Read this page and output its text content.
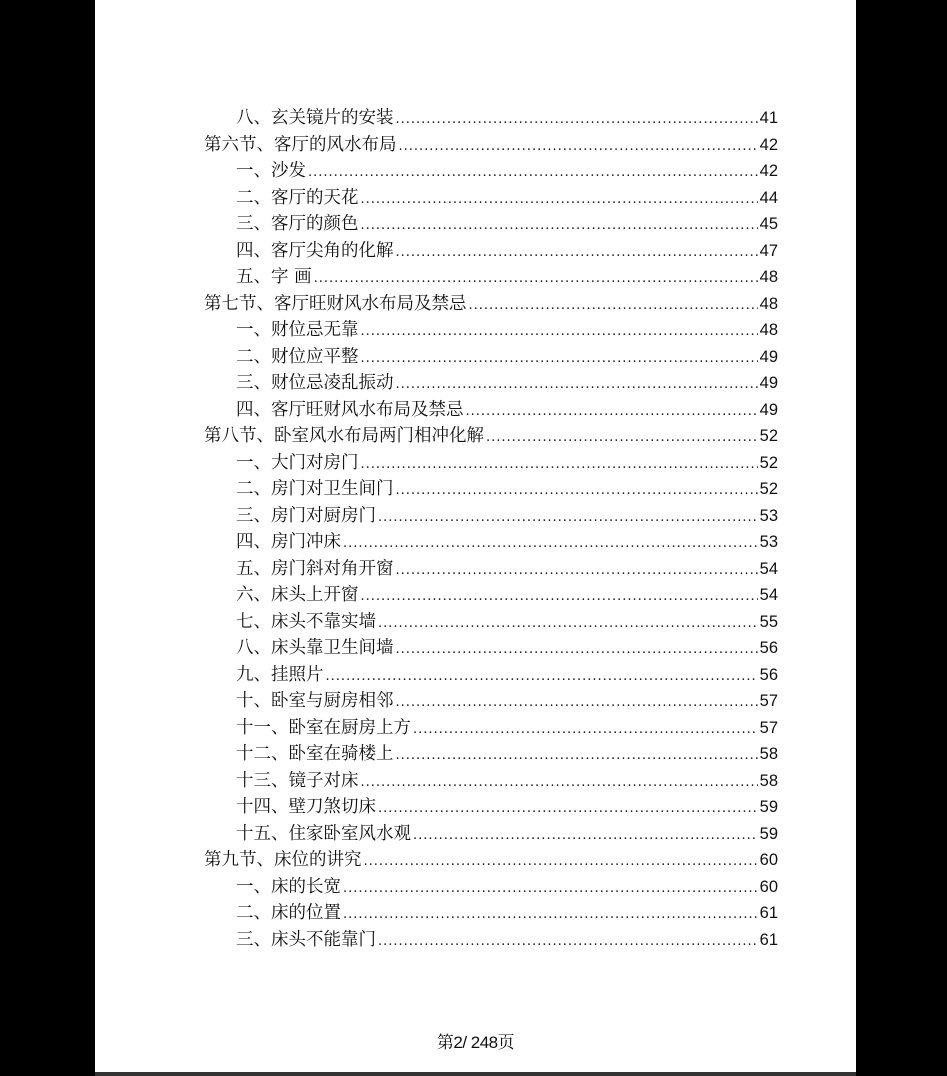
八、玄关镜片的安装 .....	41
第六节、客厅的风水布局 .....	42
一、沙发 .....	42
二、客厅的天花 .....	44
三、客厅的颜色 .....	45
四、客厅尖角的化解 .....	47
五、字 画 .....	48
第七节、客厅旺财风水布局及禁忌 .....	48
一、财位忌无靠 .....	48
二、财位应平整 .....	49
三、财位忌凌乱振动 .....	49
四、客厅旺财风水布局及禁忌 .....	49
第八节、卧室风水布局两门相冲化解 .....	52
一、大门对房门 .....	52
二、房门对卫生间门 .....	52
三、房门对厨房门 .....	53
四、房门冲床 .....	53
五、房门斜对角开窗 .....	54
六、床头上开窗 .....	54
七、床头不靠实墙 .....	55
八、床头靠卫生间墙 .....	56
九、挂照片 .....	56
十、卧室与厨房相邻 .....	57
十一、卧室在厨房上方 .....	57
十二、卧室在骑楼上 .....	58
十三、镜子对床 .....	58
十四、壁刀煞切床 .....	59
十五、住家卧室风水观 .....	59
第九节、床位的讲究 .....	60
一、床的长宽 .....	60
二、床的位置 .....	61
三、床头不能靠门 .....	61
第2/ 248页
